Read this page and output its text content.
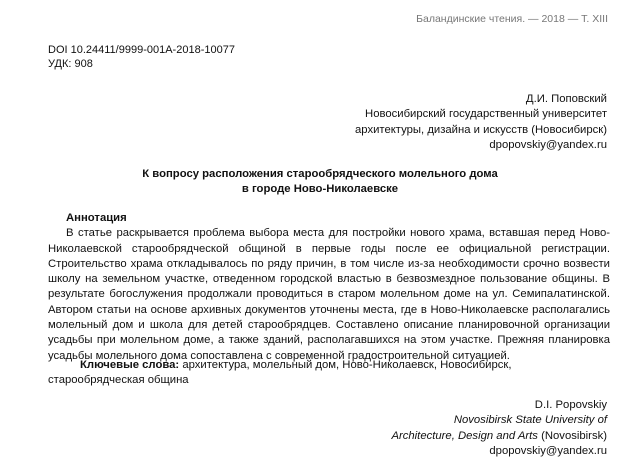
Баландинские чтения. — 2018 — Т. XIII
DOI 10.24411/9999-001A-2018-10077
УДК: 908
Д.И. Поповский
Новосибирский государственный университет
архитектуры, дизайна и искусств (Новосибирск)
dpopovskiy@yandex.ru
К вопросу расположения старообрядческого молельного дома
в городе Ново-Николаевске
Аннотация

В статье раскрывается проблема выбора места для постройки нового храма, вставшая перед Ново-Николаевской старообрядческой общиной в первые годы после ее официальной регистрации. Строительство храма откладывалось по ряду причин, в том числе из-за необходимости срочно возвести школу на земельном участке, отведенном городской властью в безвозмездное пользование общины. В результате богослужения продолжали проводиться в старом молельном доме на ул. Семипалатинской. Автором статьи на основе архивных документов уточнены места, где в Ново-Николаевске располагались молельный дом и школа для детей старообрядцев. Составлено описание планировочной организации усадьбы при молельном доме, а также зданий, располагавшихся на этом участке. Прежняя планировка усадьбы молельного дома сопоставлена с современной градостроительной ситуацией.

Ключевые слова: архитектура, молельный дом, Ново-Николаевск, Новосибирск, старообрядческая община
D.I. Popovskiy
Novosibirsk State University of
Architecture, Design and Arts (Novosibirsk)
dpopovskiy@yandex.ru
